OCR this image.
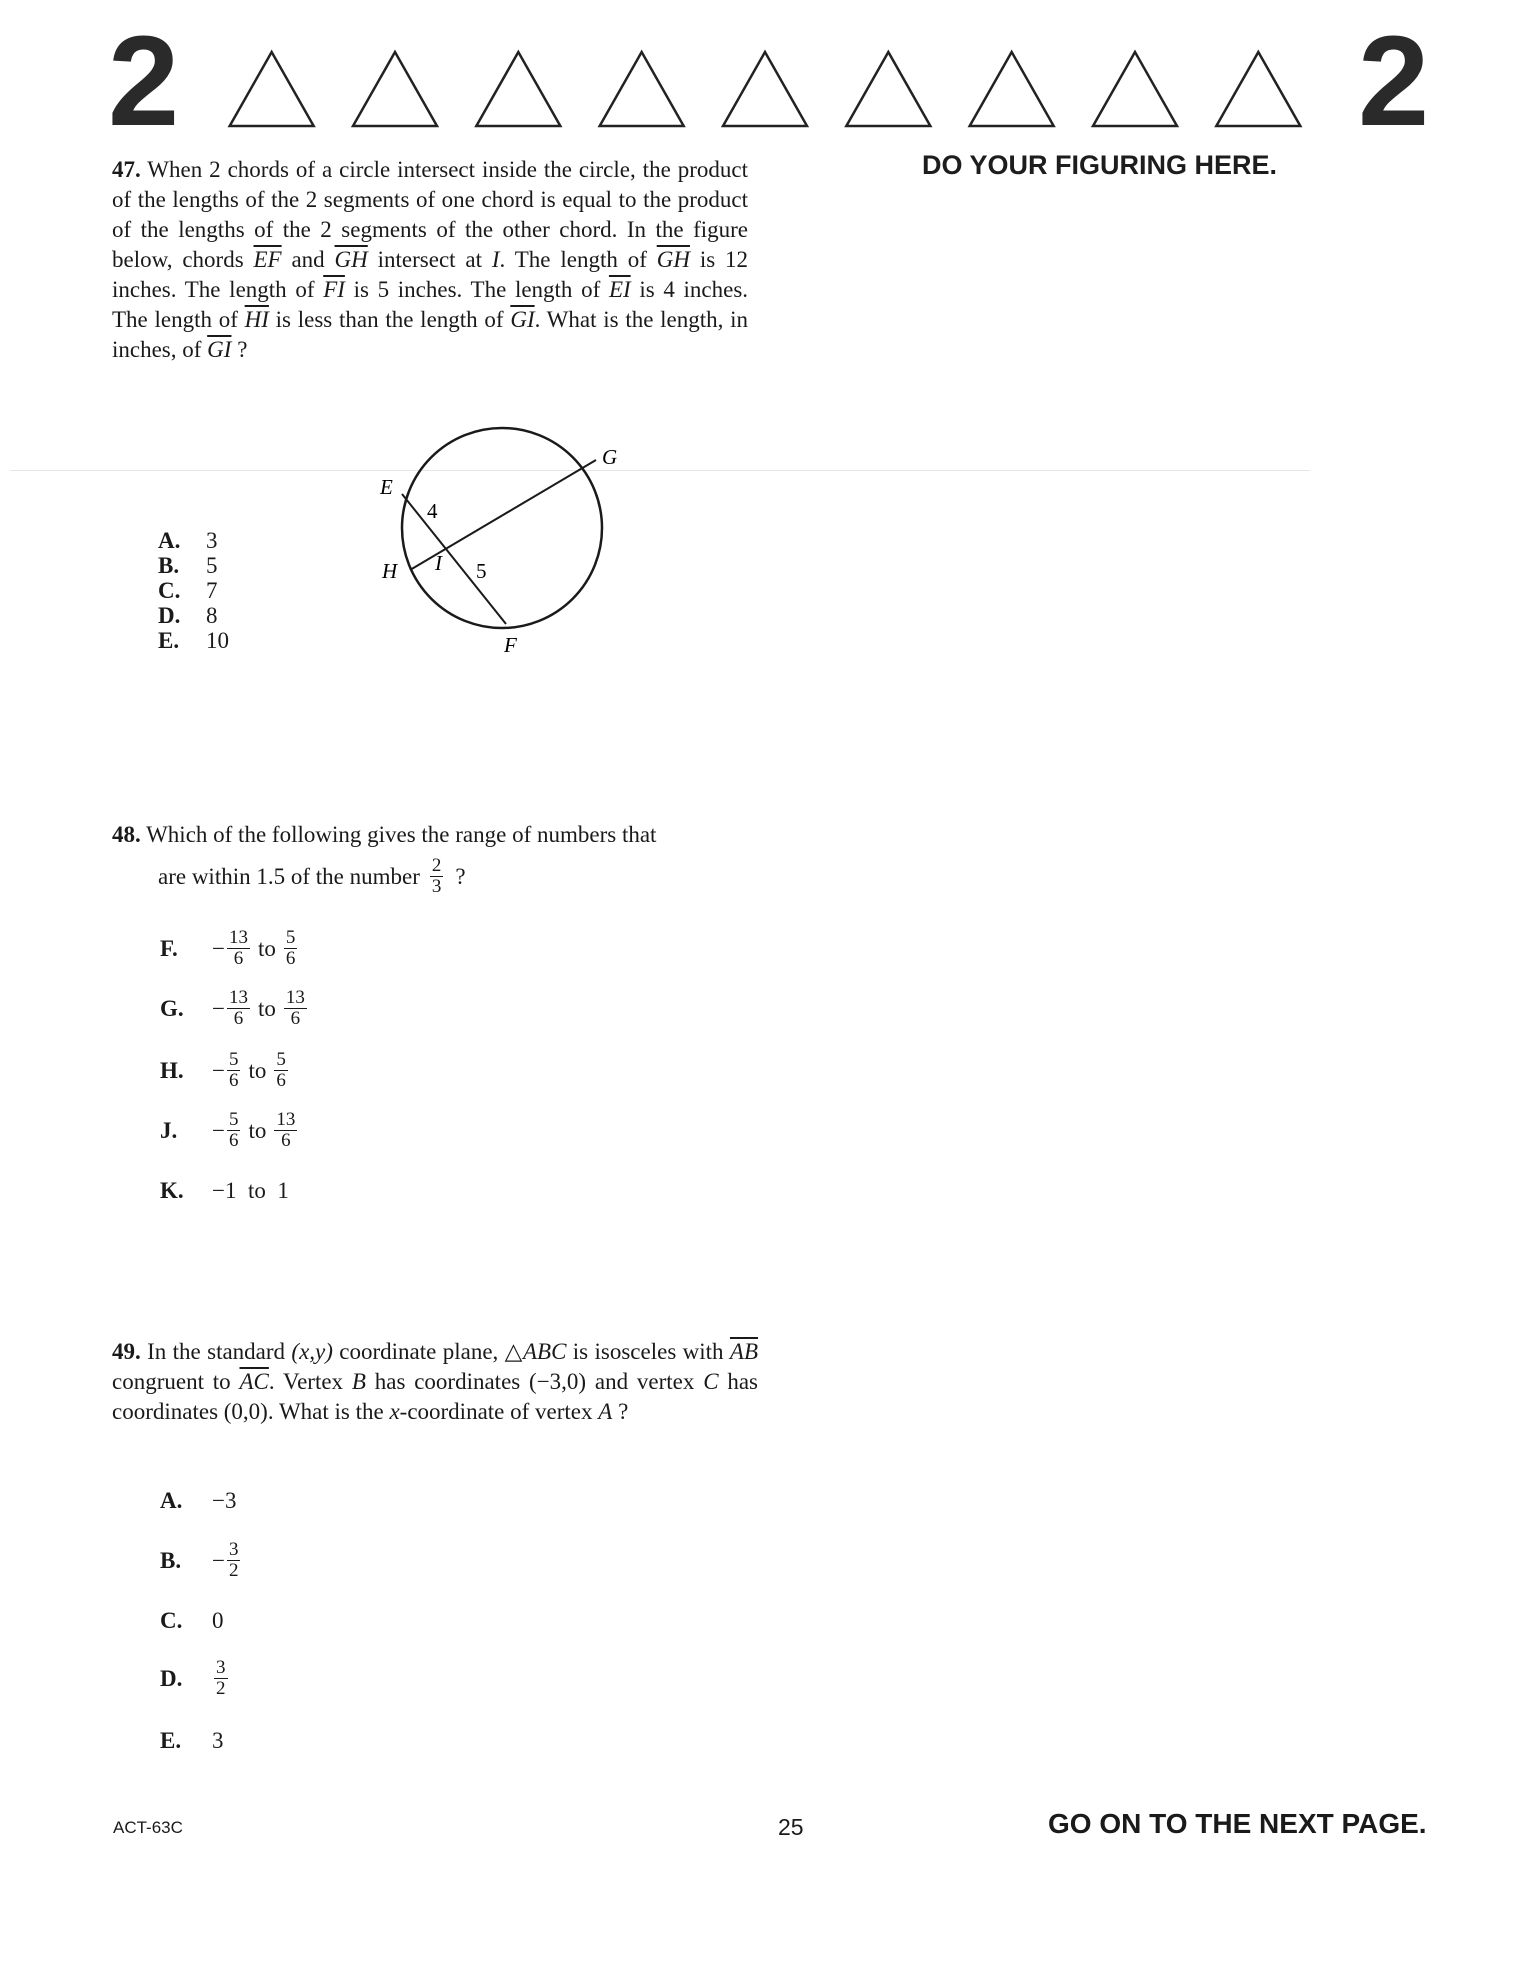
2	2
DO YOUR FIGURING HERE.
47. When 2 chords of a circle intersect inside the circle, the product of the lengths of the 2 segments of one chord is equal to the product of the lengths of the 2 segments of the other chord. In the figure below, chords $\overline{EF}$ and $\overline{GH}$ intersect at I. The length of $\overline{GH}$ is 12 inches. The length of $\overline{FI}$ is 5 inches. The length of $\overline{EI}$ is 4 inches. The length of $\overline{HI}$ is less than the length of $\overline{GI}$. What is the length, in inches, of $\overline{GI}$ ?
E
G
H
F
I
4
5
A.	3
B.	5
C.	7
D.	8
E.	10
48. Which of the following gives the range of numbers that
are within 1.5 of the number $\frac{2}{3}$ ?
F.	− $\frac{13}{6}$ to $\frac{5}{6}$
G.	− $\frac{13}{6}$ to $\frac{13}{6}$
H.	− $\frac{5}{6}$ to $\frac{5}{6}$
J.	− $\frac{5}{6}$ to $\frac{13}{6}$
K.	−1  to  1
49. In the standard (x,y) coordinate plane, △ABC is isosceles with $\overline{AB}$ congruent to $\overline{AC}$. Vertex B has coordinates (−3,0) and vertex C has coordinates (0,0). What is the x-coordinate of vertex A ?
A.	−3
B.	− $\frac{3}{2}$
C.	0
D.	$\frac{3}{2}$
E.	3
ACT-63C	25	GO ON TO THE NEXT PAGE.
